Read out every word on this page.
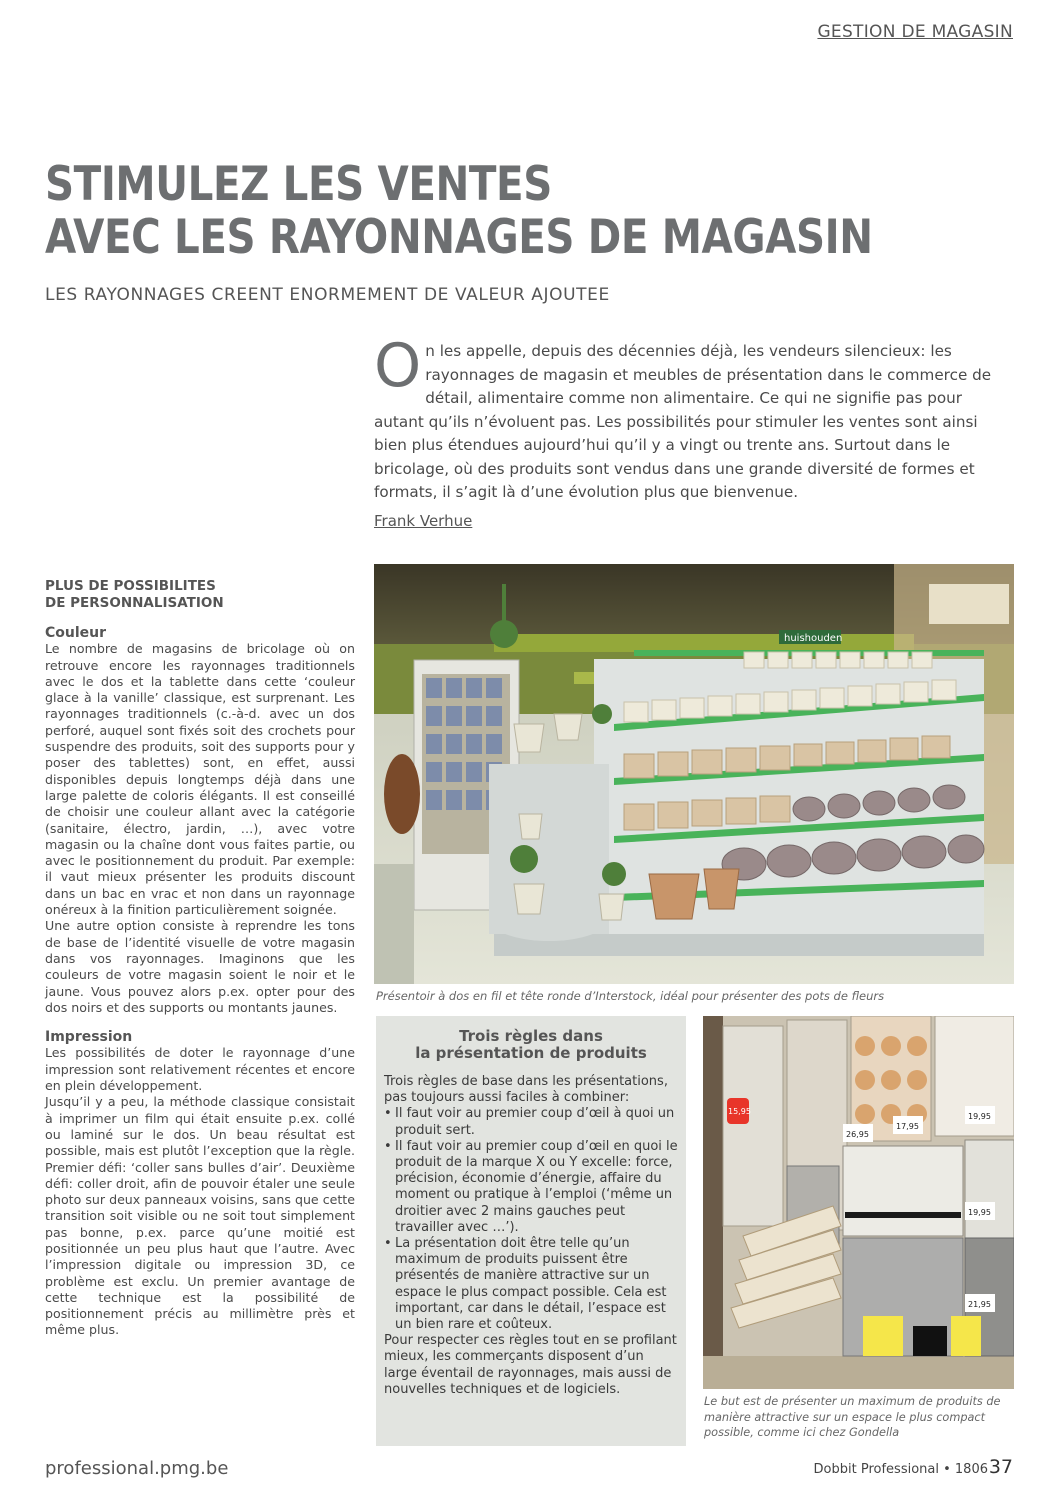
GESTION DE MAGASIN
STIMULEZ LES VENTES
AVEC LES RAYONNAGES DE MAGASIN
LES RAYONNAGES CREENT ENORMEMENT DE VALEUR AJOUTEE
On les appelle, depuis des décennies déjà, les vendeurs silencieux: les rayonnages de magasin et meubles de présentation dans le commerce de détail, alimentaire comme non alimentaire. Ce qui ne signifie pas pour autant qu’ils n’évoluent pas. Les possibilités pour stimuler les ventes sont ainsi bien plus étendues aujourd’hui qu’il y a vingt ou trente ans. Surtout dans le bricolage, où des produits sont vendus dans une grande diversité de formes et formats, il s’agit là d’une évolution plus que bienvenue.
Frank Verhue
PLUS DE POSSIBILITES
DE PERSONNALISATION
Couleur

Le nombre de magasins de bricolage où on retrouve encore les rayonnages traditionnels avec le dos et la tablette dans cette ‘couleur glace à la vanille’ classique, est surprenant. Les rayonnages traditionnels (c.-à-d. avec un dos perforé, auquel sont fixés soit des crochets pour suspendre des produits, soit des supports pour y poser des tablettes) sont, en effet, aussi disponibles depuis longtemps déjà dans une large palette de coloris élégants. Il est conseillé de choisir une couleur allant avec la catégorie (sanitaire, électro, jardin, …), avec votre magasin ou la chaîne dont vous faites partie, ou avec le positionnement du produit. Par exemple: il vaut mieux présenter les produits discount dans un bac en vrac et non dans un rayonnage onéreux à la finition particulièrement soignée.

Une autre option consiste à reprendre les tons de base de l’identité visuelle de votre magasin dans vos rayonnages. Imaginons que les couleurs de votre magasin soient le noir et le jaune. Vous pouvez alors p.ex. opter pour des dos noirs et des supports ou montants jaunes.

Impression

Les possibilités de doter le rayonnage d’une impression sont relativement récentes et encore en plein développement.

Jusqu’il y a peu, la méthode classique consistait à imprimer un film qui était ensuite p.ex. collé ou laminé sur le dos. Un beau résultat est possible, mais est plutôt l’exception que la règle. Premier défi: ‘coller sans bulles d’air’. Deuxième défi: coller droit, afin de pouvoir étaler une seule photo sur deux panneaux voisins, sans que cette transition soit visible ou ne soit tout simplement pas bonne, p.ex. parce qu’une moitié est positionnée un peu plus haut que l’autre. Avec l’impression digitale ou impression 3D, ce problème est exclu. Un premier avantage de cette technique est la possibilité de positionnement précis au millimètre près et même plus.

huishouden
Présentoir à dos en fil et tête ronde d’Interstock, idéal pour présenter des pots de fleurs
Trois règles dans
la présentation de produits
Trois règles de base dans les présentations, pas toujours aussi faciles à combiner:
• Il faut voir au premier coup d’œil à quoi un produit sert.
• Il faut voir au premier coup d’œil en quoi le produit de la marque X ou Y excelle: force, précision, économie d’énergie, affaire du moment ou pratique à l’emploi (‘même un droitier avec 2 mains gauches peut travailler avec …’).
• La présentation doit être telle qu’un maximum de produits puissent être présentés de manière attractive sur un espace le plus compact possible. Cela est important, car dans le détail, l’espace est un bien rare et coûteux.
Pour respecter ces règles tout en se profilant mieux, les commerçants disposent d’un large éventail de rayonnages, mais aussi de nouvelles techniques et de logiciels.
19,95
17,95
26,95
19,95
21,95
15,95
Le but est de présenter un maximum de produits de manière attractive sur un espace le plus compact possible, comme ici chez Gondella
professional.pmg.be	Dobbit Professional • 1806 37
